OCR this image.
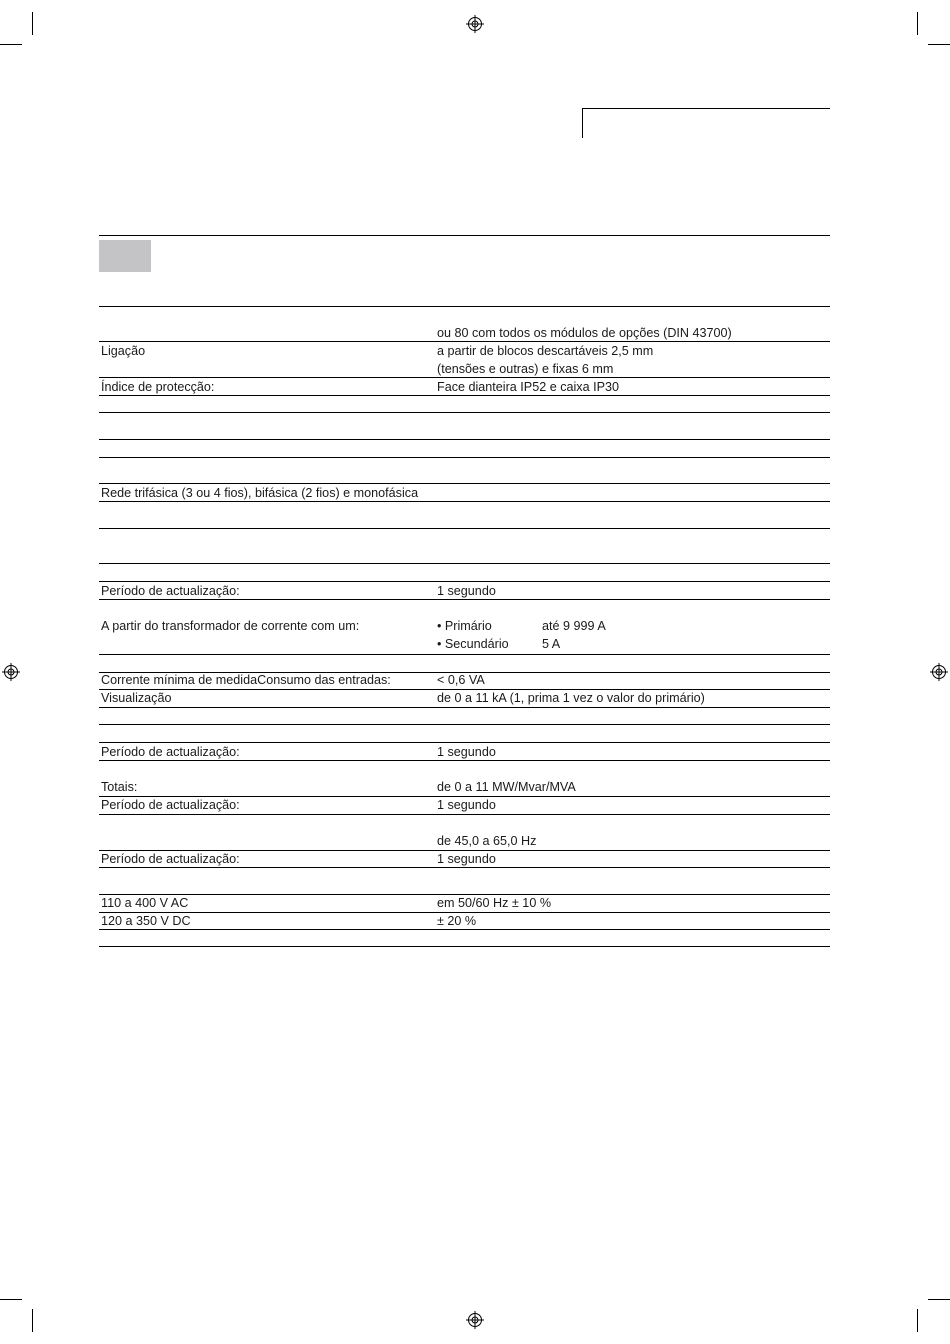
ou 80 com todos os módulos de opções (DIN 43700)
Ligação	a partir de blocos descartáveis 2,5 mm
(tensões e outras) e fixas 6 mm
Índice de protecção:	Face dianteira IP52 e caixa IP30
Rede trifásica (3 ou 4 fios), bifásica (2 fios) e monofásica
Período de actualização:	1 segundo
A partir do transformador de corrente com um:	• Primário	até 9 999 A
• Secundário	5 A
Corrente mínima de medidaConsumo das entradas:	< 0,6 VA
Visualização	de 0 a 11 kA (1, prima 1 vez o valor do primário)
Período de actualização:	1 segundo
Totais:	de 0 a 11 MW/Mvar/MVA
Período de actualização:	1 segundo
de 45,0 a 65,0 Hz
Período de actualização:	1 segundo
110 a 400 V AC	em 50/60 Hz ± 10 %
120 a 350 V DC	± 20 %
